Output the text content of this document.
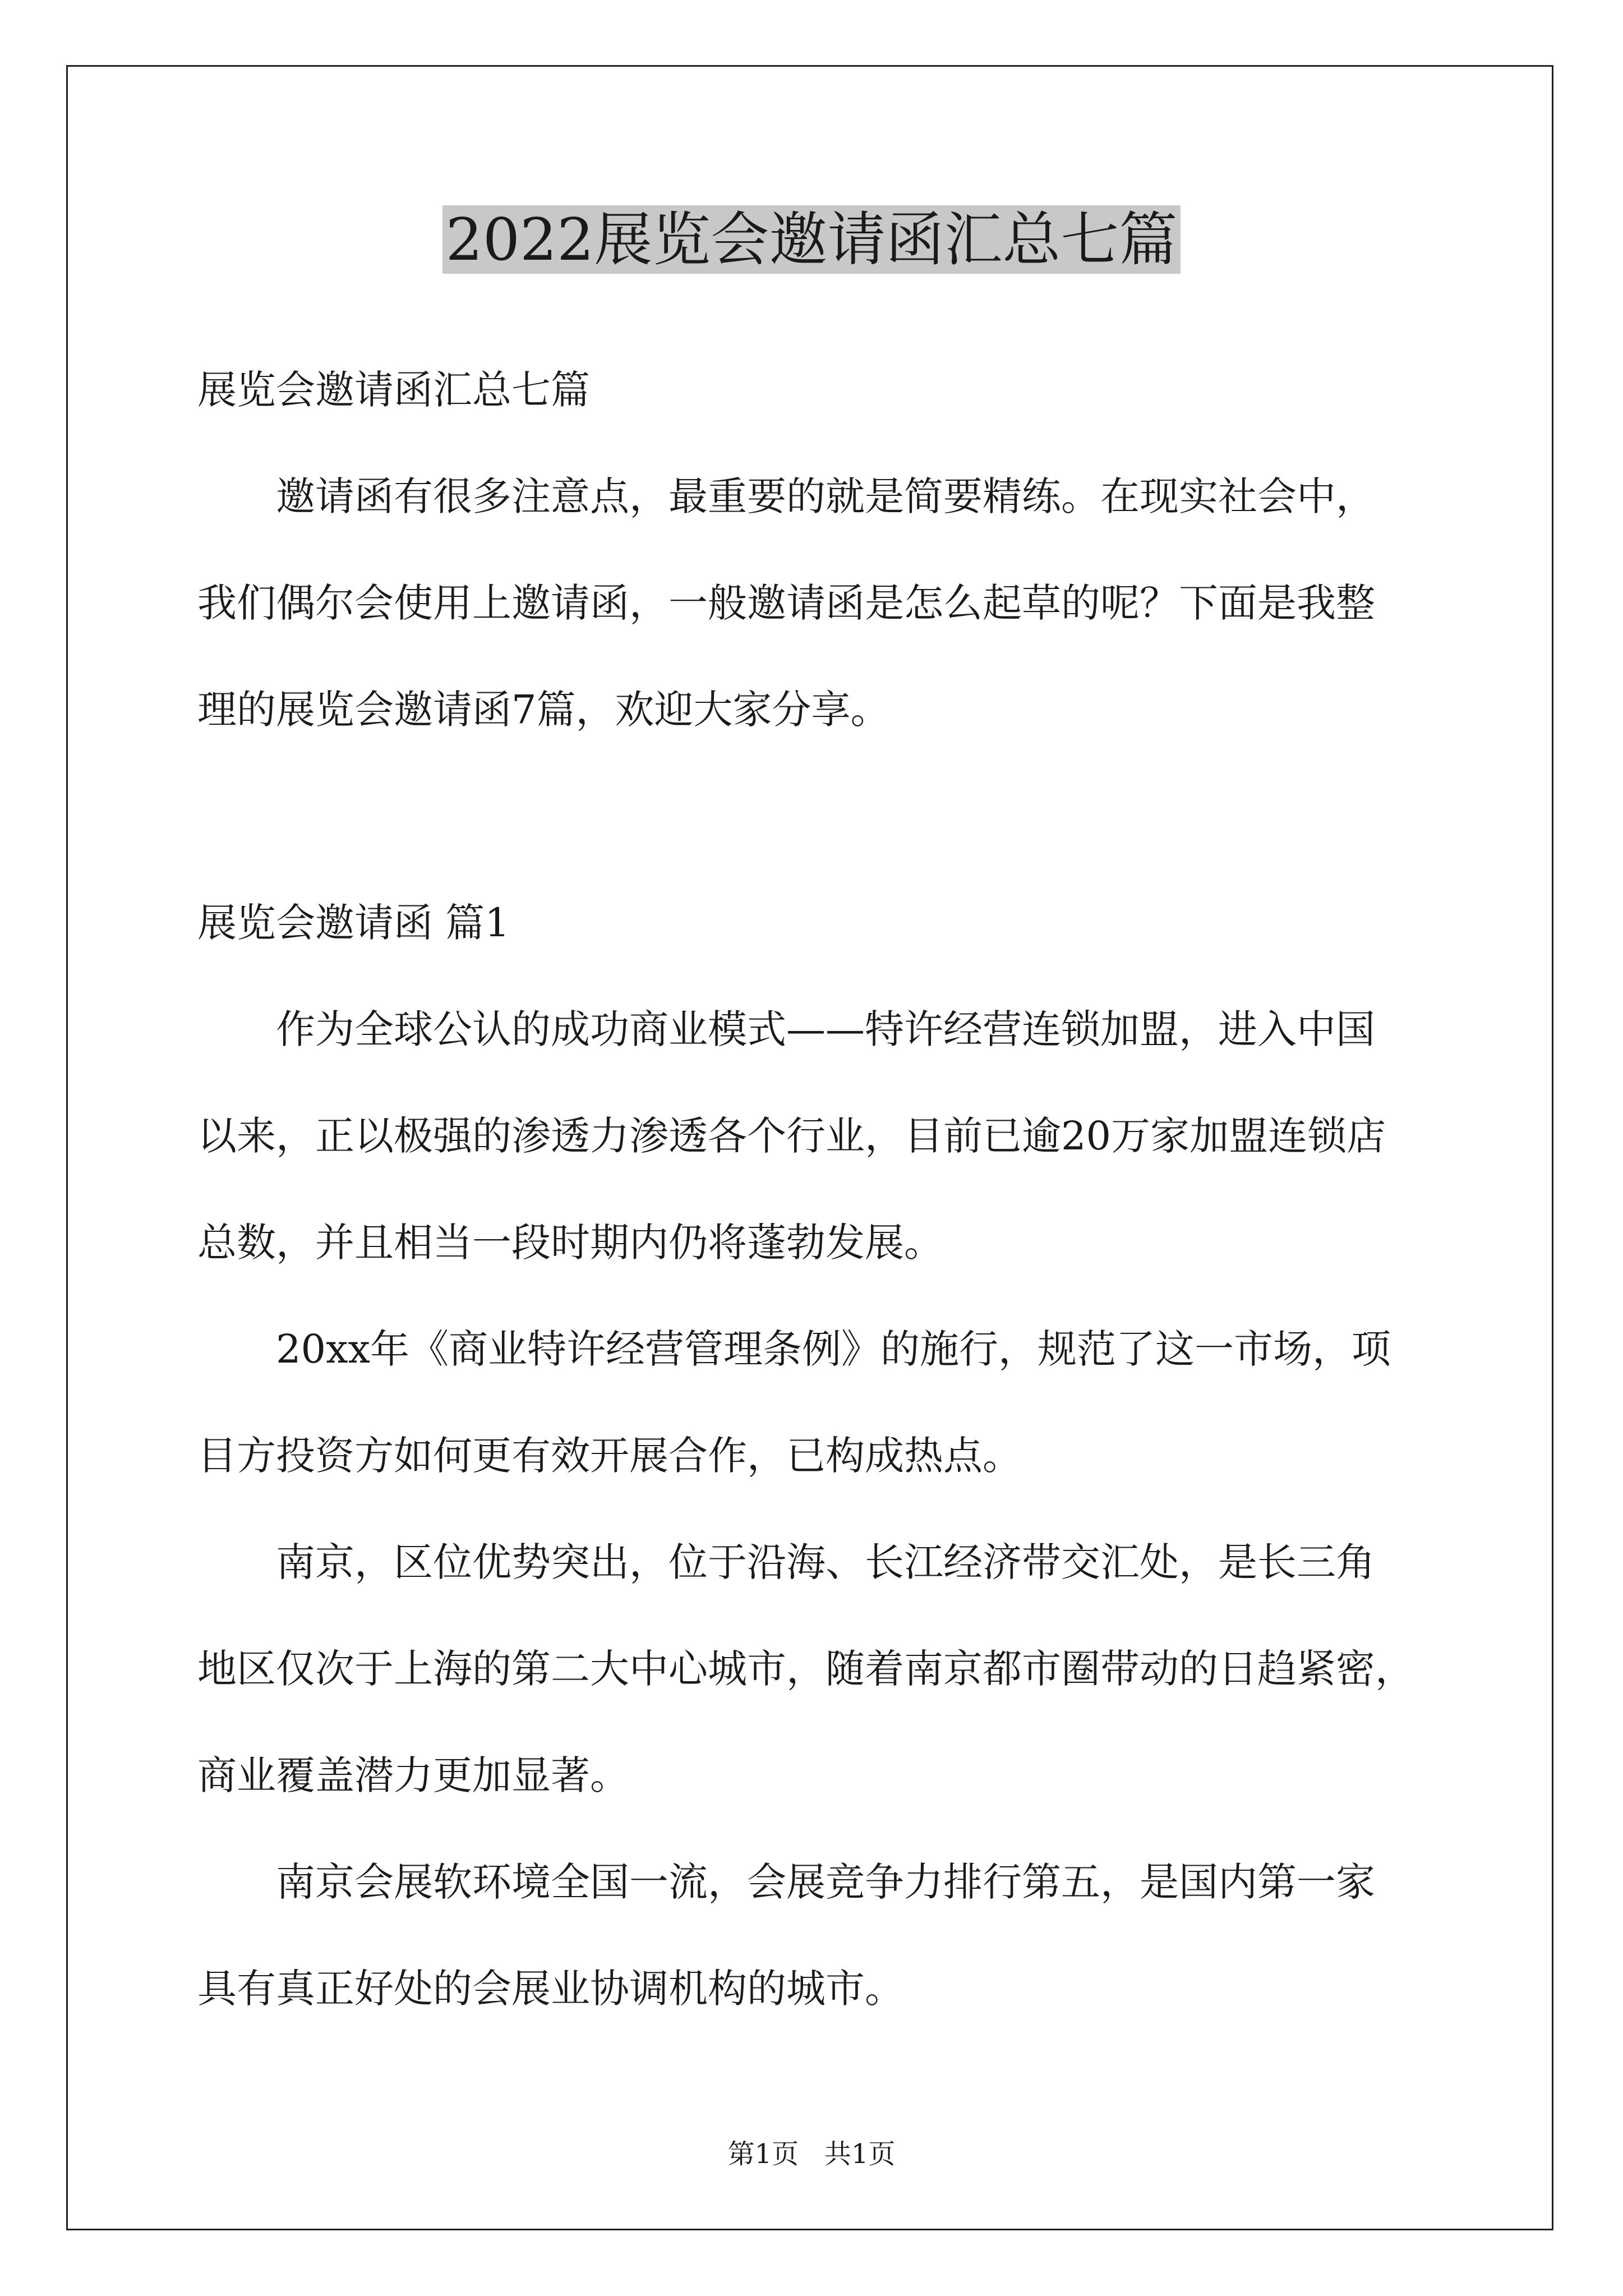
2022展览会邀请函汇总七篇

展览会邀请函汇总七篇

邀请函有很多注意点，最重要的就是简要精练。在现实社会中，

我们偶尔会使用上邀请函，一般邀请函是怎么起草的呢？下面是我整

理的展览会邀请函7篇，欢迎大家分享。

展览会邀请函 篇1

作为全球公认的成功商业模式——特许经营连锁加盟，进入中国

以来，正以极强的渗透力渗透各个行业，目前已逾20万家加盟连锁店

总数，并且相当一段时期内仍将蓬勃发展。

20xx年《商业特许经营管理条例》的施行，规范了这一市场，项

目方投资方如何更有效开展合作，已构成热点。

南京，区位优势突出，位于沿海、长江经济带交汇处，是长三角

地区仅次于上海的第二大中心城市，随着南京都市圈带动的日趋紧密，

商业覆盖潜力更加显著。

南京会展软环境全国一流，会展竞争力排行第五，是国内第一家

具有真正好处的会展业协调机构的城市。

第1页   共1页
